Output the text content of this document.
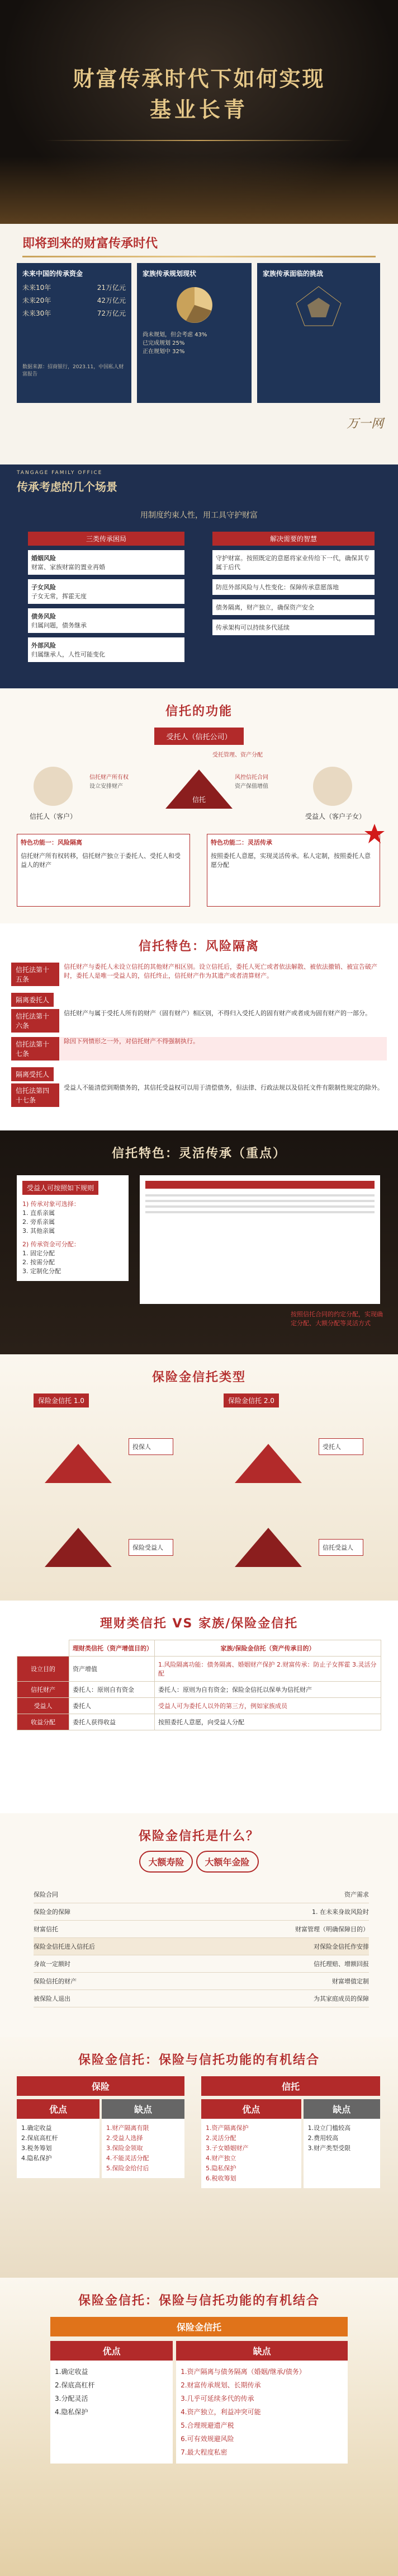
财富传承时代下如何实现
基业长青
即将到来的财富传承时代
未来中国的传承资金
未来10年	21万亿元
未来20年	42万亿元
未来30年	72万亿元
数据来源：招商银行，2023.11，中国私人财富报告
家族传承规划现状
尚未规划，但会考虑 43%
已完成规划 25%
正在规划中 32%
家族传承面临的挑战
万一网
TANGAGE FAMILY OFFICE
传承考虑的几个场景
用制度约束人性，用工具守护财富
三类传承困局
婚姻风险
财富、家族财富的置业再婚
子女风险
子女无常，挥霍无度
债务风险
归属问题，债务继承
外部风险
归属继承人，人性可能变化
解决需要的智慧
守护财富。按照既定的意愿将家业传给下一代，确保其专属于后代
防范外部风险与人性变化：保障传承意愿落地
债务隔离，财产独立，确保资产安全
传承架构可以持续多代延续
信托的功能
受托人（信托公司）
受托管理、资产分配
信托
信托人（客户）	受益人（客户子女）
信托财产所有权
设立安排财产
风控信托合同
资产保值增值
特色功能一：风险隔离
信托财产所有权转移，信托财产独立于委托人、受托人和受益人的财产
特色功能二：灵活传承
按照委托人意愿，实现灵活传承。私人定制，按照委托人意愿分配
信托特色：风险隔离
信托法第十五条
信托财产与委托人未设立信托的其他财产相区别。设立信托后，委托人死亡或者依法解散、被依法撤销、被宣告破产时，委托人是唯一受益人的，信托终止，信托财产作为其遗产或者清算财产。
隔离委托人
信托法第十六条
信托财产与属于受托人所有的财产（固有财产）相区别，不得归入受托人的固有财产或者成为固有财产的一部分。
信托法第十七条
除因下列情形之一外，对信托财产不得强制执行。
隔离受托人
信托法第四十七条
受益人不能清偿到期债务的，其信托受益权可以用于清偿债务，但法律、行政法规以及信托文件有限制性规定的除外。
信托特色：灵活传承（重点）
受益人可按照如下规则
1) 传承对象可选择：
1. 直系亲属
2. 旁系亲属
3. 其他亲属
2) 传承资金可分配：
1. 固定分配
2. 按需分配
3. 定制化分配
按照信托合同的约定分配，实现确定分配、大额分配等灵活方式
保险金信托类型
保险金信托 1.0	保险金信托 2.0
投保人	受托人
保险受益人	信托受益人
理财类信托 VS 家族/保险金信托
	理财类信托（资产增值目的）	家族/保险金信托（资产传承目的）
设立目的	资产增值	1.风险隔离功能：债务隔离、婚姻财产保护 2.财富传承：防止子女挥霍 3.灵活分配
信托财产	委托人：原则自有资金	委托人：原则为自有资金；保险金信托以保单为信托财产
受益人	委托人	受益人可为委托人以外的第三方，例如家族成员
收益分配	委托人获得收益	按照委托人意愿，向受益人分配
保险金信托是什么？
大额寿险 大额年金险
保险合同	资产需求
保险金的保障	1. 在未来身故风险时
财富信托	财富管理（明确保障目的）
保险金信托进入信托后	对保险金信托作安排
身故一定额时	信托理赔、增额回报
保险信托的财产	财富增值定制
被保险人退出	为其家庭成员的保障
保险金信托：保险与信托功能的有机结合
保险
优点
1.确定收益
2.保底高杠杆
3.税务筹划
4.隐私保护
缺点
1.财产隔离有限
2.受益人选择
3.保险金领取
4.不能灵活分配
5.保险金给付后
信托
优点
1.资产隔离保护
2.灵活分配
3.子女婚姻财产
4.财产独立
5.隐私保护
6.税收筹划
缺点
1.设立门槛较高
2.费用较高
3.财产类型受限
保险金信托：保险与信托功能的有机结合
保险金信托
优点
1.确定收益
2.保底高杠杆
3.分配灵活
4.隐私保护
缺点
1.资产隔离与债务隔离（婚姻/继承/债务）
2.财富传承规划、长期传承
3.几乎可延续多代的传承
4.资产独立，利益冲突可能
5.合理规避遗产税
6.可有效规避风险
7.最大程度私密
